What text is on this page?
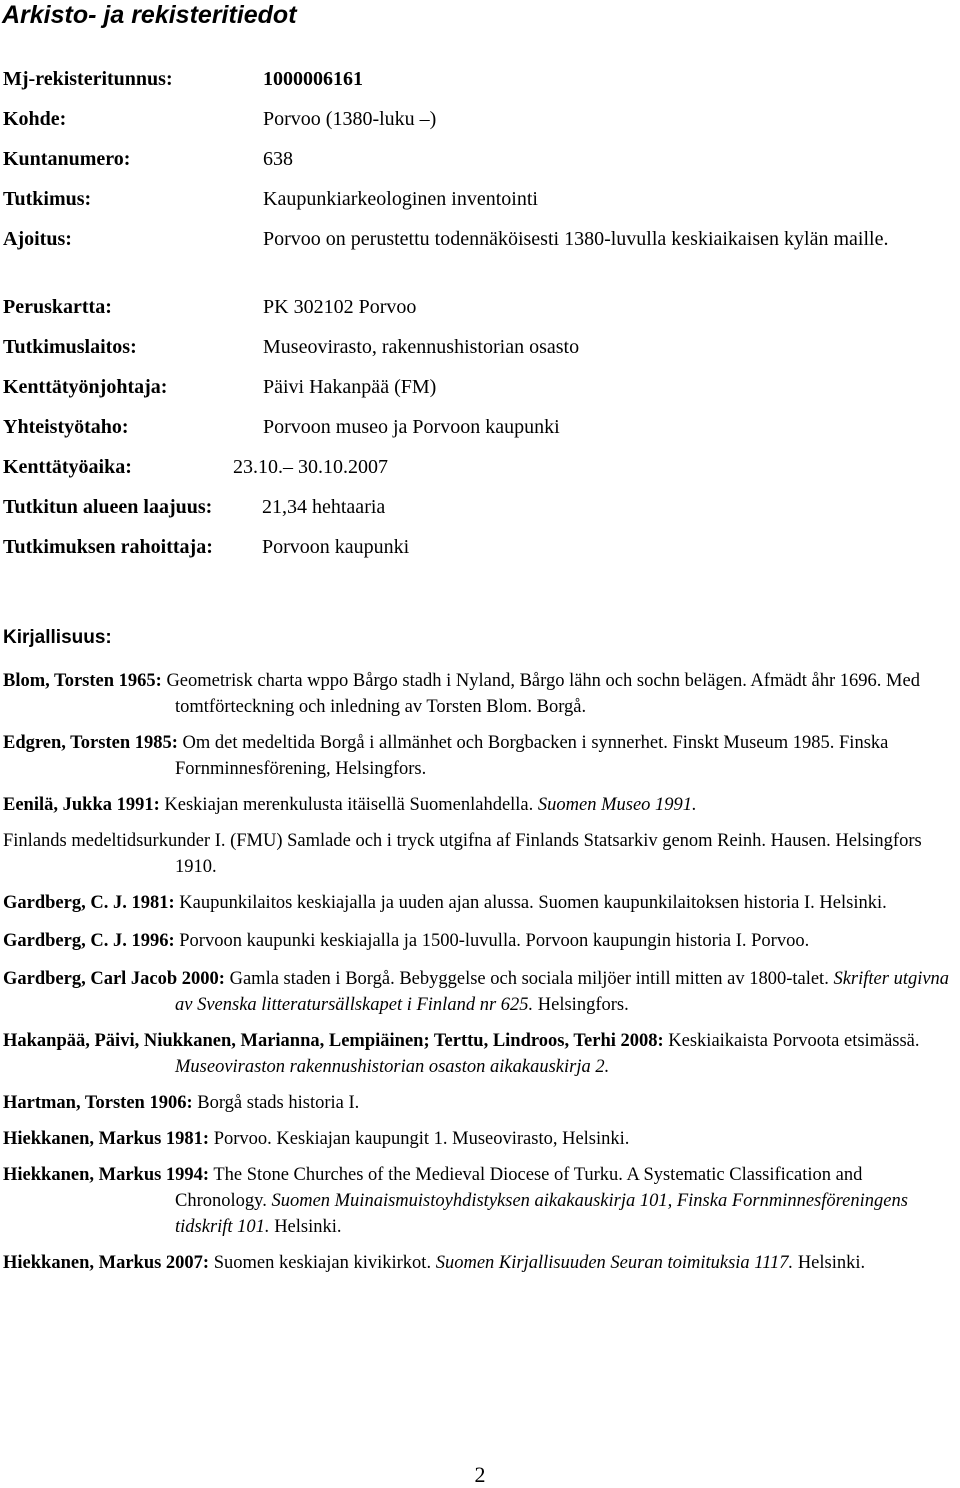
Arkisto- ja rekisteritiedot
Mj-rekisteritunnus:	1000006161
Kohde:	Porvoo (1380-luku –)
Kuntanumero:	638
Tutkimus:	Kaupunkiarkeologinen inventointi
Ajoitus:	Porvoo on perustettu todennäköisesti 1380-luvulla keskiaikaisen kylän maille.
Peruskartta:	PK 302102 Porvoo
Tutkimuslaitos:	Museovirasto, rakennushistorian osasto
Kenttätyönjohtaja:	Päivi Hakanpää (FM)
Yhteistyötaho:	Porvoon museo ja Porvoon kaupunki
Kenttätyöaika:	23.10.– 30.10.2007
Tutkitun alueen laajuus: 21,34 hehtaaria
Tutkimuksen rahoittaja: Porvoon kaupunki
Kirjallisuus:

Blom, Torsten 1965: Geometrisk charta wppo Bårgo stadh i Nyland, Bårgo lähn och sochn belägen. Afmädt åhr 1696. Med tomtförteckning och inledning av Torsten Blom. Borgå.

Edgren, Torsten 1985: Om det medeltida Borgå i allmänhet och Borgbacken i synnerhet. Finskt Museum 1985. Finska Fornminnesförening, Helsingfors.

Eenilä, Jukka 1991: Keskiajan merenkulusta itäisellä Suomenlahdella. Suomen Museo 1991.

Finlands medeltidsurkunder I. (FMU) Samlade och i tryck utgifna af Finlands Statsarkiv genom Reinh. Hausen. Helsingfors 1910.

Gardberg, C. J. 1981: Kaupunkilaitos keskiajalla ja uuden ajan alussa. Suomen kaupunkilaitoksen historia I. Helsinki.

Gardberg, C. J. 1996: Porvoon kaupunki keskiajalla ja 1500-luvulla. Porvoon kaupungin historia I. Porvoo.

Gardberg, Carl Jacob 2000: Gamla staden i Borgå. Bebyggelse och sociala miljöer intill mitten av 1800-talet. Skrifter utgivna av Svenska litteratursällskapet i Finland nr 625. Helsingfors.

Hakanpää, Päivi, Niukkanen, Marianna, Lempiäinen; Terttu, Lindroos, Terhi 2008: Keskiaikaista Porvoota etsimässä. Museoviraston rakennushistorian osaston aikakauskirja 2.

Hartman, Torsten 1906: Borgå stads historia I.

Hiekkanen, Markus 1981: Porvoo. Keskiajan kaupungit 1. Museovirasto, Helsinki.

Hiekkanen, Markus 1994: The Stone Churches of the Medieval Diocese of Turku. A Systematic Classification and Chronology. Suomen Muinaismuistoyhdistyksen aikakauskirja 101, Finska Fornminnesföreningens tidskrift 101. Helsinki.

Hiekkanen, Markus 2007: Suomen keskiajan kivikirkot. Suomen Kirjallisuuden Seuran toimituksia 1117. Helsinki.

2
